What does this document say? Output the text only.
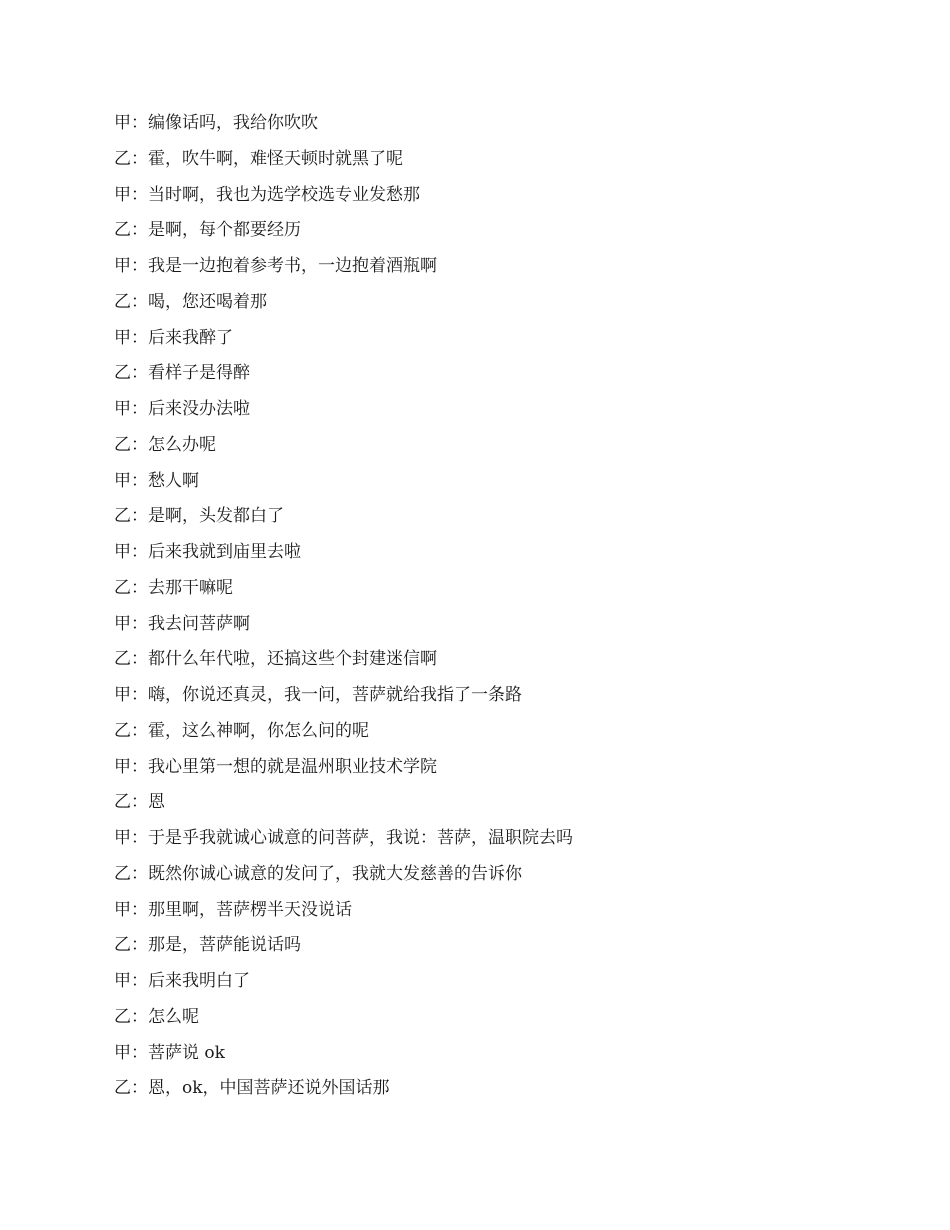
甲：编像话吗，我给你吹吹
乙：霍，吹牛啊，难怪天顿时就黑了呢
甲：当时啊，我也为选学校选专业发愁那
乙：是啊，每个都要经历
甲：我是一边抱着参考书，一边抱着酒瓶啊
乙：喝，您还喝着那
甲：后来我醉了
乙：看样子是得醉
甲：后来没办法啦
乙：怎么办呢
甲：愁人啊
乙：是啊，头发都白了
甲：后来我就到庙里去啦
乙：去那干嘛呢
甲：我去问菩萨啊
乙：都什么年代啦，还搞这些个封建迷信啊
甲：嗨，你说还真灵，我一问，菩萨就给我指了一条路
乙：霍，这么神啊，你怎么问的呢
甲：我心里第一想的就是温州职业技术学院
乙：恩
甲：于是乎我就诚心诚意的问菩萨，我说：菩萨，温职院去吗
乙：既然你诚心诚意的发问了，我就大发慈善的告诉你
甲：那里啊，菩萨楞半天没说话
乙：那是，菩萨能说话吗
甲：后来我明白了
乙：怎么呢
甲：菩萨说 ok
乙：恩，ok，中国菩萨还说外国话那
